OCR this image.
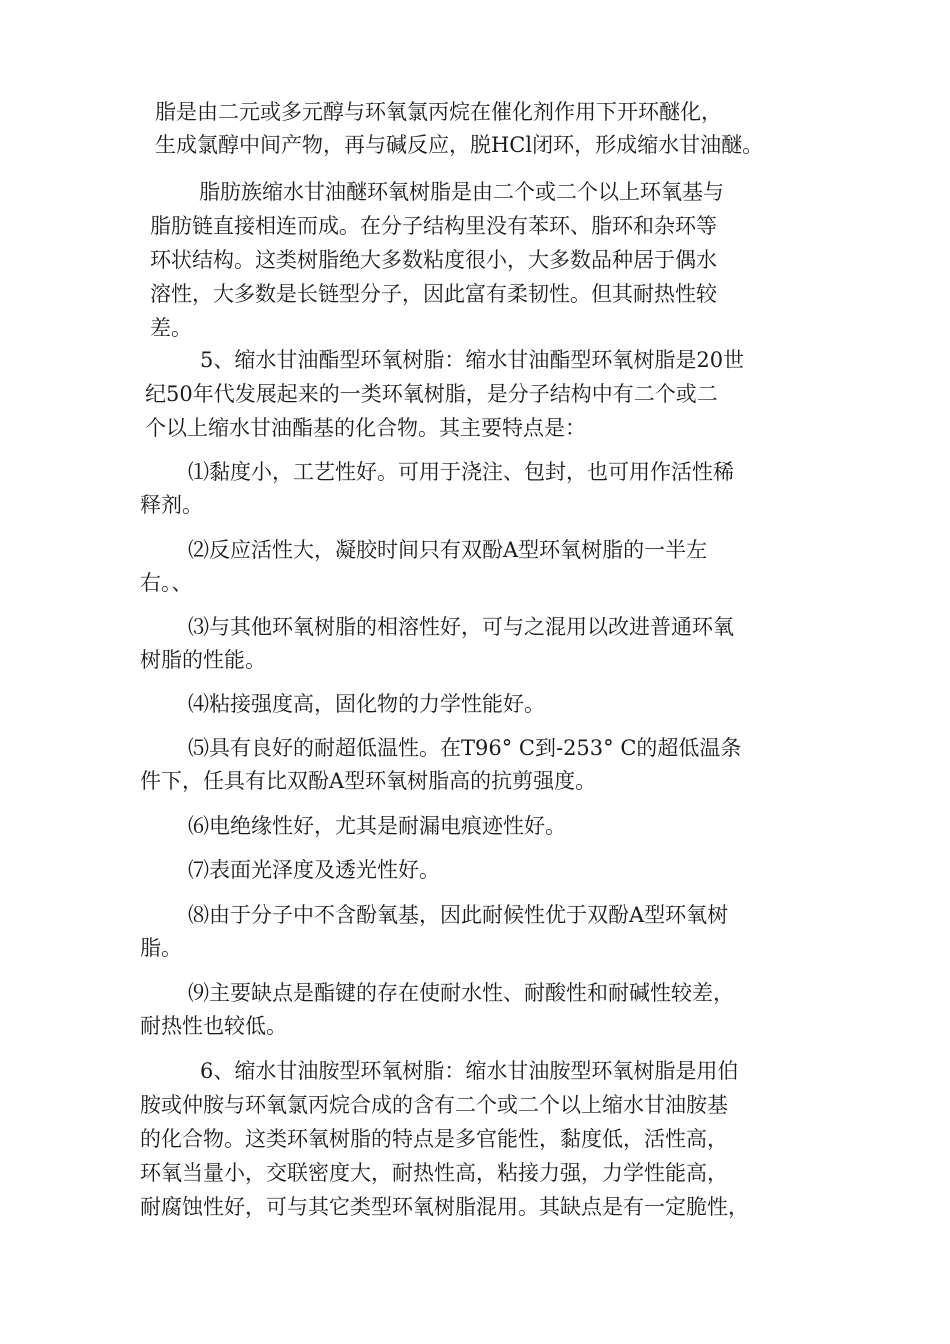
脂是由二元或多元醇与环氧氯丙烷在催化剂作用下开环醚化，
生成氯醇中间产物，再与碱反应，脱HCl闭环，形成缩水甘油醚。
脂肪族缩水甘油醚环氧树脂是由二个或二个以上环氧基与
脂肪链直接相连而成。在分子结构里没有苯环、脂环和杂环等
环状结构。这类树脂绝大多数粘度很小，大多数品种居于偶水
溶性，大多数是长链型分子，因此富有柔韧性。但其耐热性较
差。
5、缩水甘油酯型环氧树脂：缩水甘油酯型环氧树脂是20世
纪50年代发展起来的一类环氧树脂，是分子结构中有二个或二
个以上缩水甘油酯基的化合物。其主要特点是：
⑴黏度小，工艺性好。可用于浇注、包封，也可用作活性稀
释剂。
⑵反应活性大，凝胶时间只有双酚A型环氧树脂的一半左
右。、
⑶与其他环氧树脂的相溶性好，可与之混用以改进普通环氧
树脂的性能。
⑷粘接强度高，固化物的力学性能好。
⑸具有良好的耐超低温性。在T96° C到-253° C的超低温条
件下，任具有比双酚A型环氧树脂高的抗剪强度。
⑹电绝缘性好，尤其是耐漏电痕迹性好。
⑺表面光泽度及透光性好。
⑻由于分子中不含酚氧基，因此耐候性优于双酚A型环氧树
脂。
⑼主要缺点是酯键的存在使耐水性、耐酸性和耐碱性较差，
耐热性也较低。
6、缩水甘油胺型环氧树脂：缩水甘油胺型环氧树脂是用伯
胺或仲胺与环氧氯丙烷合成的含有二个或二个以上缩水甘油胺基
的化合物。这类环氧树脂的特点是多官能性，黏度低，活性高，
环氧当量小，交联密度大，耐热性高，粘接力强，力学性能高，
耐腐蚀性好，可与其它类型环氧树脂混用。其缺点是有一定脆性，
